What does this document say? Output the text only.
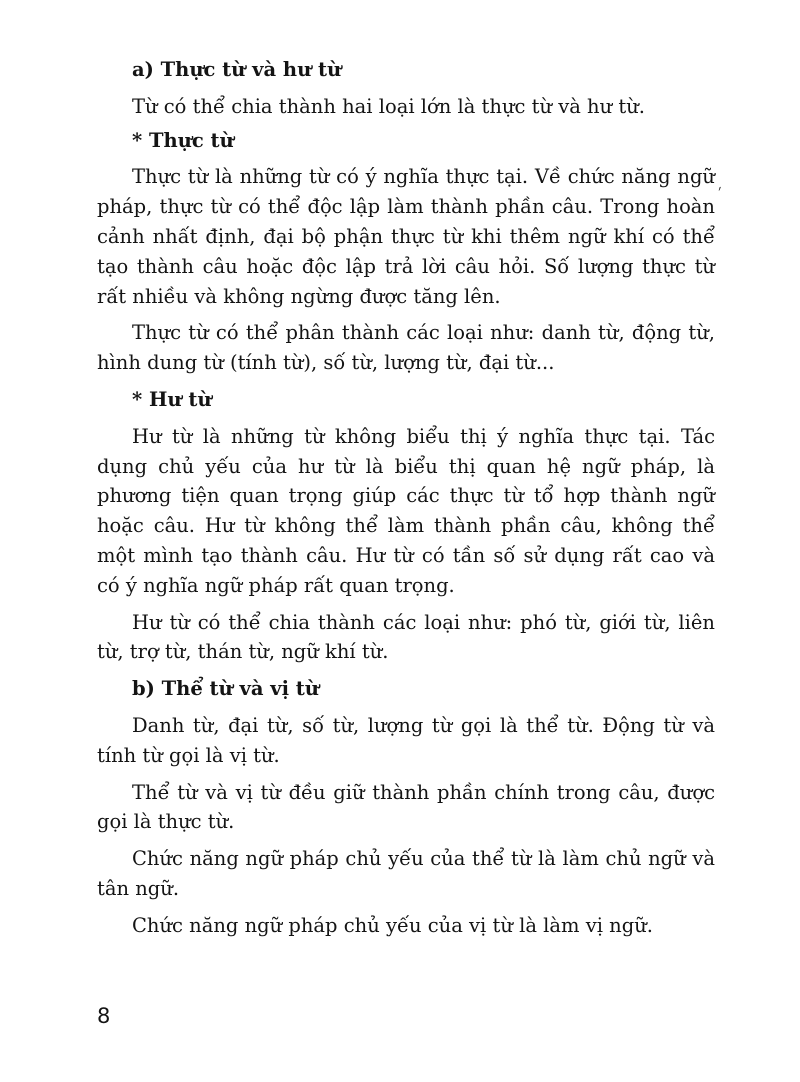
a) Thực từ và hư từ
Từ có thể chia thành hai loại lớn là thực từ và hư từ.
* Thực từ
Thực từ là những từ có ý nghĩa thực tại. Về chức năng ngữ pháp, thực từ có thể độc lập làm thành phần câu. Trong hoàn cảnh nhất định, đại bộ phận thực từ khi thêm ngữ khí có thể tạo thành câu hoặc độc lập trả lời câu hỏi. Số lượng thực từ rất nhiều và không ngừng được tăng lên.
Thực từ có thể phân thành các loại như: danh từ, động từ, hình dung từ (tính từ), số từ, lượng từ, đại từ...
* Hư từ
Hư từ là những từ không biểu thị ý nghĩa thực tại. Tác dụng chủ yếu của hư từ là biểu thị quan hệ ngữ pháp, là phương tiện quan trọng giúp các thực từ tổ hợp thành ngữ hoặc câu. Hư từ không thể làm thành phần câu, không thể một mình tạo thành câu. Hư từ có tần số sử dụng rất cao và có ý nghĩa ngữ pháp rất quan trọng.
Hư từ có thể chia thành các loại như: phó từ, giới từ, liên từ, trợ từ, thán từ, ngữ khí từ.
b) Thể từ và vị từ
Danh từ, đại từ, số từ, lượng từ gọi là thể từ. Động từ và tính từ gọi là vị từ.
Thể từ và vị từ đều giữ thành phần chính trong câu, được gọi là thực từ.
Chức năng ngữ pháp chủ yếu của thể từ là làm chủ ngữ và tân ngữ.
Chức năng ngữ pháp chủ yếu của vị từ là làm vị ngữ.
ˊ
8
